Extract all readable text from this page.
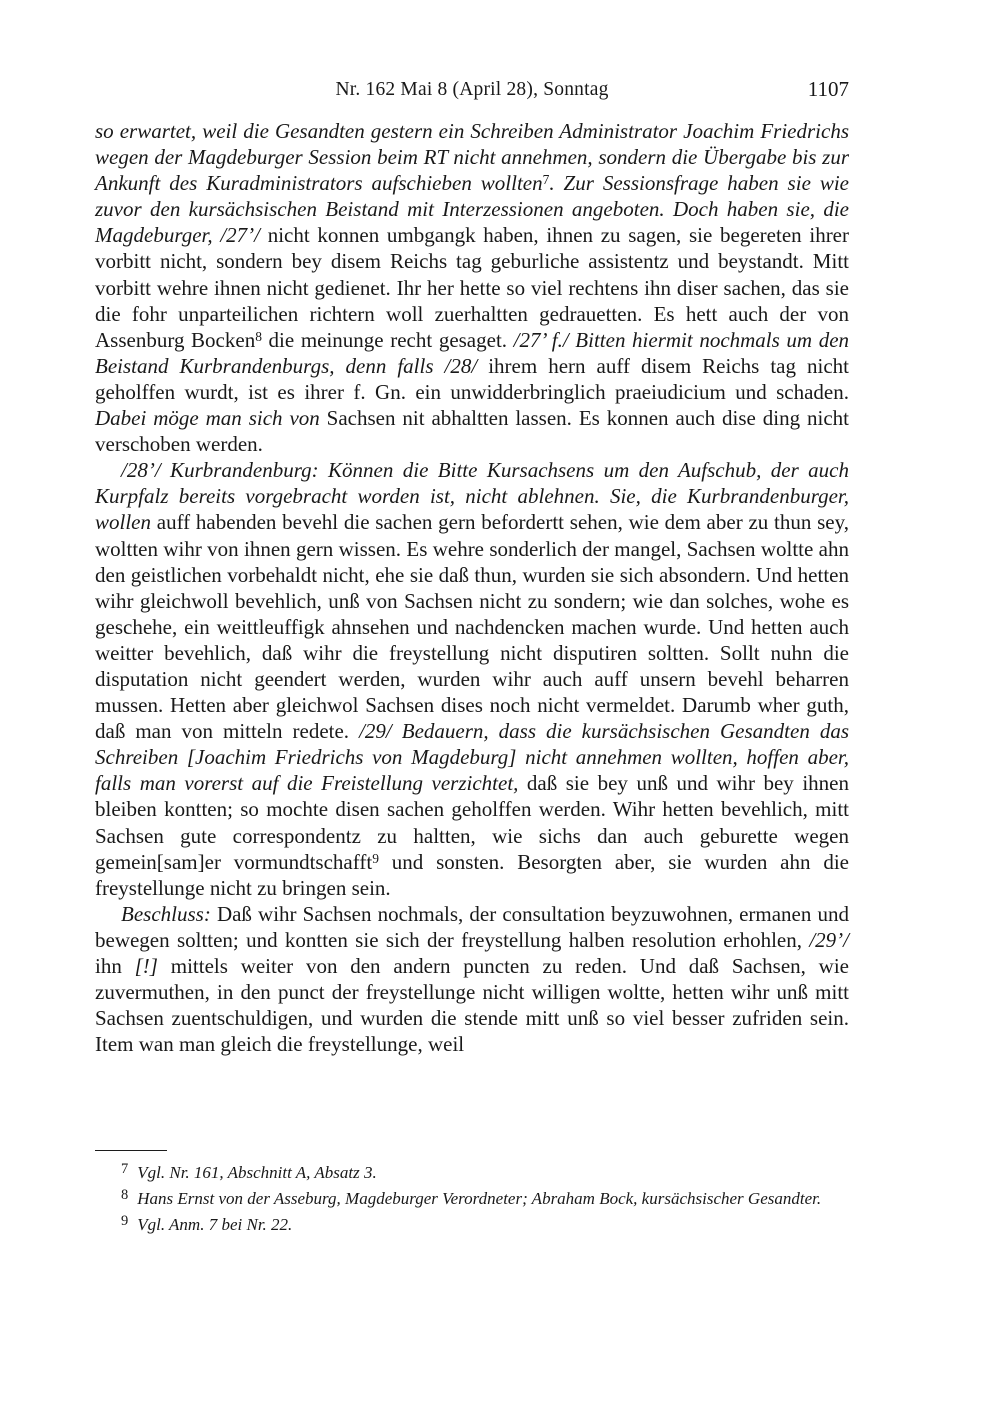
Nr. 162 Mai 8 (April 28), Sonntag	1107

so erwartet, weil die Gesandten gestern ein Schreiben Administrator Joachim Friedrichs wegen der Magdeburger Session beim RT nicht annehmen, sondern die Übergabe bis zur Ankunft des Kuradministrators aufschieben wollten$^7$. Zur Sessionsfrage haben sie wie zuvor den kursächsischen Beistand mit Interzessionen angeboten. Doch haben sie, die Magdeburger, /27’/ nicht konnen umbgangk haben, ihnen zu sagen, sie begereten ihrer vorbitt nicht, sondern bey disem Reichs tag geburliche assistentz und beystandt. Mitt vorbitt wehre ihnen nicht gedienet. Ihr her hette so viel rechtens ihn diser sachen, das sie die fohr unparteilichen richtern woll zuerhaltten gedrauetten. Es hett auch der von Assenburg Bocken$^8$ die meinunge recht gesaget. /27’ f./ Bitten hiermit nochmals um den Beistand Kurbrandenburgs, denn falls /28/ ihrem hern auff disem Reichs tag nicht geholffen wurdt, ist es ihrer f. Gn. ein unwidderbringlich praeiudicium und schaden. Dabei möge man sich von Sachsen nit abhaltten lassen. Es konnen auch dise ding nicht verschoben werden.

/28’/ Kurbrandenburg: Können die Bitte Kursachsens um den Aufschub, der auch Kurpfalz bereits vorgebracht worden ist, nicht ablehnen. Sie, die Kurbrandenburger, wollen auff habenden bevehl die sachen gern befordertt sehen, wie dem aber zu thun sey, woltten wihr von ihnen gern wissen. Es wehre sonderlich der mangel, Sachsen woltte ahn den geistlichen vorbehaldt nicht, ehe sie daß thun, wurden sie sich absondern. Und hetten wihr gleichwoll bevehlich, unß von Sachsen nicht zu sondern; wie dan solches, wohe es geschehe, ein weittleuffigk ahnsehen und nachdencken machen wurde. Und hetten auch weitter bevehlich, daß wihr die freystellung nicht disputiren soltten. Sollt nuhn die disputation nicht geendert werden, wurden wihr auch auff unsern bevehl beharren mussen. Hetten aber gleichwol Sachsen dises noch nicht vermeldet. Darumb wher guth, daß man von mitteln redete. /29/ Bedauern, dass die kursächsischen Gesandten das Schreiben [Joachim Friedrichs von Magdeburg] nicht annehmen wollten, hoffen aber, falls man vorerst auf die Freistellung verzichtet, daß sie bey unß und wihr bey ihnen bleiben kontten; so mochte disen sachen geholffen werden. Wihr hetten bevehlich, mitt Sachsen gute correspondentz zu haltten, wie sichs dan auch geburette wegen gemein[sam]er vormundtschafft$^9$ und sonsten. Besorgten aber, sie wurden ahn die freystellunge nicht zu bringen sein.

Beschluss: Daß wihr Sachsen nochmals, der consultation beyzuwohnen, ermanen und bewegen soltten; und kontten sie sich der freystellung halben resolution erhohlen, /29’/ ihn [!] mittels weiter von den andern puncten zu reden. Und daß Sachsen, wie zuvermuthen, in den punct der freystellunge nicht willigen woltte, hetten wihr unß mitt Sachsen zuentschuldigen, und wurden die stende mitt unß so viel besser zufriden sein. Item wan man gleich die freystellunge, weil

7 Vgl. Nr. 161, Abschnitt A, Absatz 3.

8 Hans Ernst von der Asseburg, Magdeburger Verordneter; Abraham Bock, kursächsischer Gesandter.

9 Vgl. Anm. 7 bei Nr. 22.
